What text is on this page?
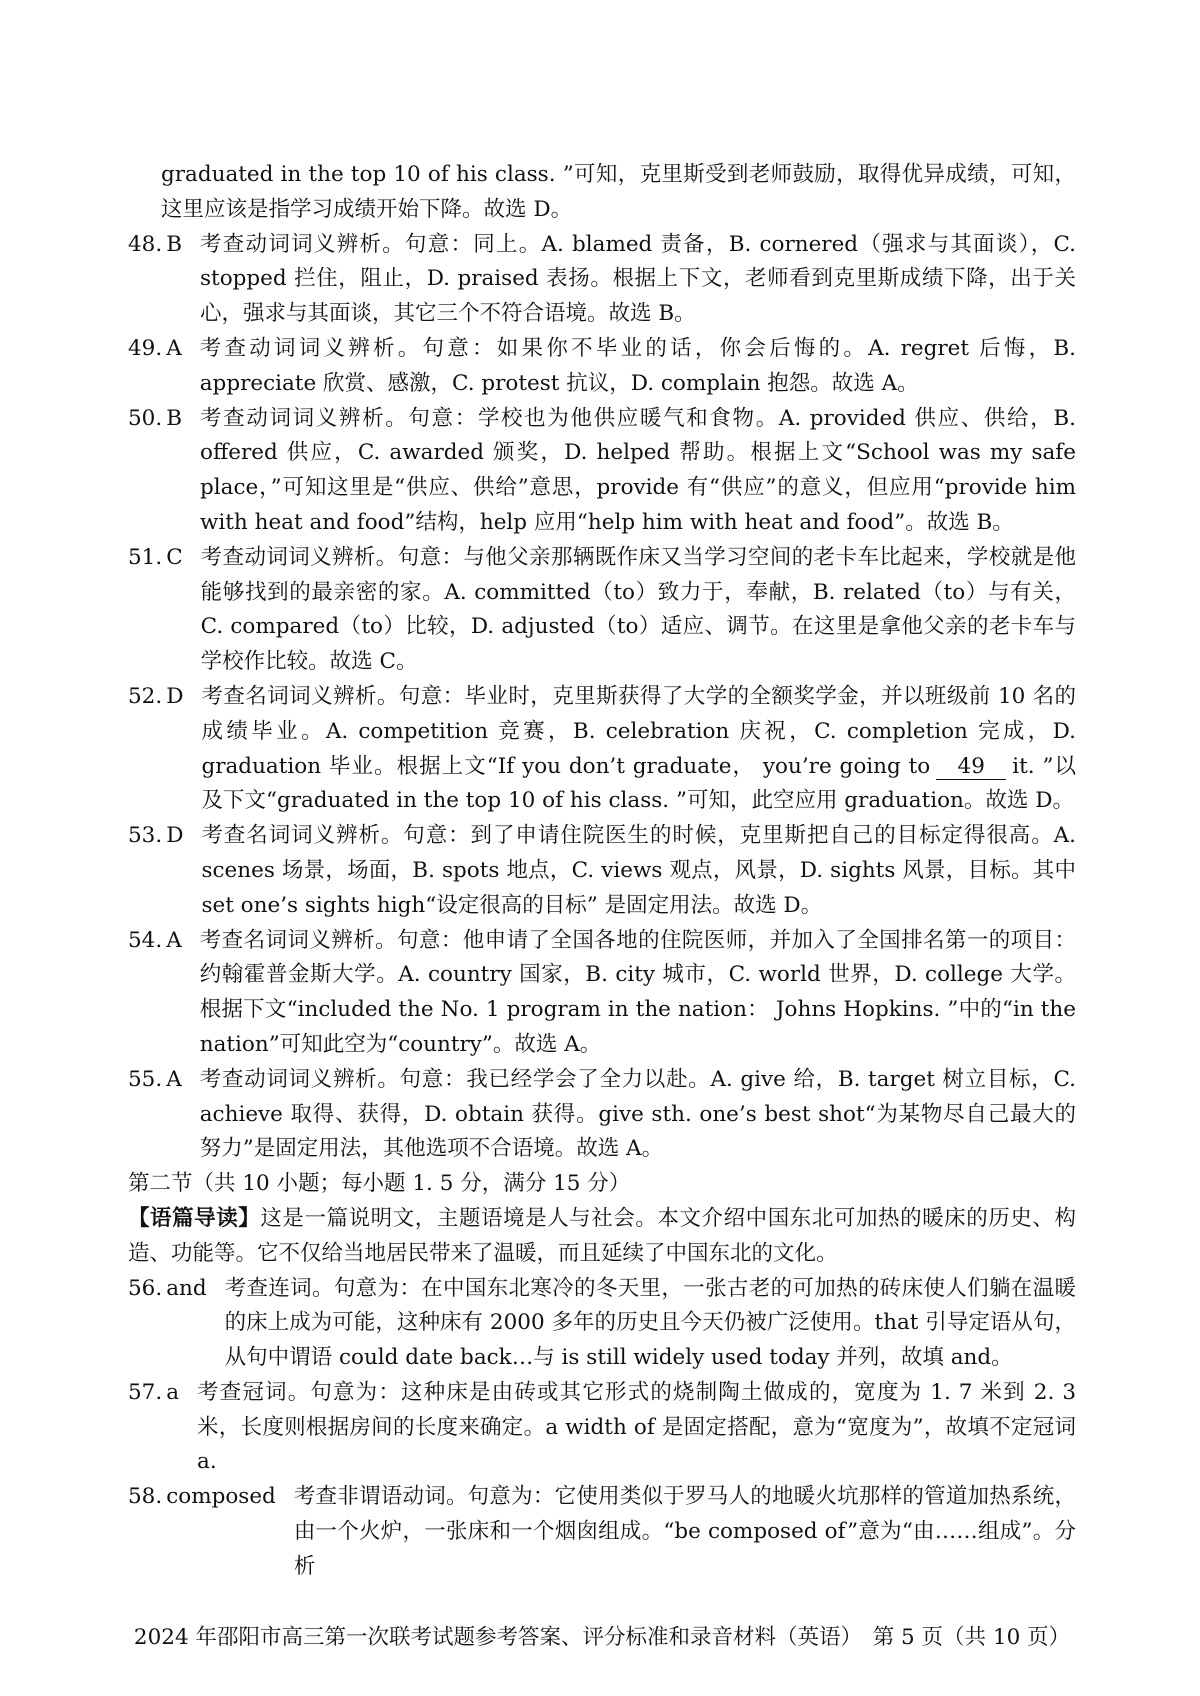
graduated in the top 10 of his class. ”可知，克里斯受到老师鼓励，取得优异成绩，可知，这里应该是指学习成绩开始下降。故选 D。
48. B 考查动词词义辨析。句意：同上。A. blamed 责备，B. cornered（强求与其面谈），C. stopped 拦住，阻止，D. praised 表扬。根据上下文，老师看到克里斯成绩下降，出于关心，强求与其面谈，其它三个不符合语境。故选 B。
49. A 考查动词词义辨析。句意：如果你不毕业的话，你会后悔的。A. regret 后悔，B. appreciate 欣赏、感激，C. protest 抗议，D. complain 抱怨。故选 A。
50. B 考查动词词义辨析。句意：学校也为他供应暖气和食物。A. provided 供应、供给，B. offered 供应，C. awarded 颁奖，D. helped 帮助。根据上文“School was my safe place，”可知这里是“供应、供给”意思，provide 有“供应”的意义，但应用“provide him with heat and food”结构，help 应用“help him with heat and food”。故选 B。
51. C 考查动词词义辨析。句意：与他父亲那辆既作床又当学习空间的老卡车比起来，学校就是他能够找到的最亲密的家。A. committed（to）致力于，奉献，B. related（to）与有关，C. compared（to）比较，D. adjusted（to）适应、调节。在这里是拿他父亲的老卡车与学校作比较。故选 C。
52. D 考查名词词义辨析。句意：毕业时，克里斯获得了大学的全额奖学金，并以班级前 10 名的成绩毕业。A. competition 竞赛，B. celebration 庆祝，C. completion 完成，D. graduation 毕业。根据上文“If you don’t graduate， you’re going to 49 it. ”以及下文“graduated in the top 10 of his class. ”可知，此空应用 graduation。故选 D。
53. D 考查名词词义辨析。句意：到了申请住院医生的时候，克里斯把自己的目标定得很高。A. scenes 场景，场面，B. spots 地点，C. views 观点，风景，D. sights 风景，目标。其中 set one’s sights high“设定很高的目标” 是固定用法。故选 D。
54. A 考查名词词义辨析。句意：他申请了全国各地的住院医师，并加入了全国排名第一的项目：约翰霍普金斯大学。A. country 国家，B. city 城市，C. world 世界，D. college 大学。根据下文“included the No. 1 program in the nation： Johns Hopkins. ”中的“in the nation”可知此空为“country”。故选 A。
55. A 考查动词词义辨析。句意：我已经学会了全力以赴。A. give 给，B. target 树立目标，C. achieve 取得、获得，D. obtain 获得。give sth. one’s best shot“为某物尽自己最大的努力”是固定用法，其他选项不合语境。故选 A。
第二节（共 10 小题；每小题 1. 5 分，满分 15 分）
【语篇导读】这是一篇说明文，主题语境是人与社会。本文介绍中国东北可加热的暖床的历史、构造、功能等。它不仅给当地居民带来了温暖，而且延续了中国东北的文化。
56. and 考查连词。句意为：在中国东北寒冷的冬天里，一张古老的可加热的砖床使人们躺在温暖的床上成为可能，这种床有 2000 多年的历史且今天仍被广泛使用。that 引导定语从句，从句中谓语 could date back…与 is still widely used today 并列，故填 and。
57. a 考查冠词。句意为：这种床是由砖或其它形式的烧制陶土做成的，宽度为 1. 7 米到 2. 3 米，长度则根据房间的长度来确定。a width of 是固定搭配，意为“宽度为”，故填不定冠词 a.
58. composed 考查非谓语动词。句意为：它使用类似于罗马人的地暖火坑那样的管道加热系统，由一个火炉，一张床和一个烟囱组成。“be composed of”意为“由……组成”。分析
2024 年邵阳市高三第一次联考试题参考答案、评分标准和录音材料（英语）　第 5 页（共 10 页）
